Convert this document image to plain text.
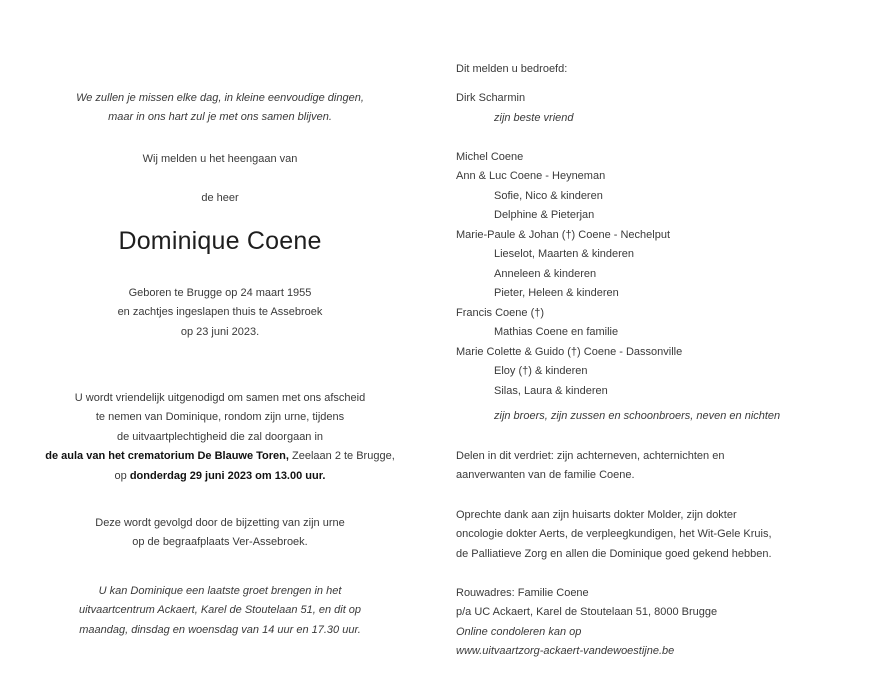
We zullen je missen elke dag, in kleine eenvoudige dingen,
maar in ons hart zul je met ons samen blijven.
Wij melden u het heengaan van
de heer
Dominique Coene
Geboren te Brugge op 24 maart 1955
en zachtjes ingeslapen thuis te Assebroek
op 23 juni 2023.
U wordt vriendelijk uitgenodigd om samen met ons afscheid
te nemen van Dominique, rondom zijn urne, tijdens
de uitvaartplechtigheid die zal doorgaan in
de aula van het crematorium De Blauwe Toren, Zeelaan 2 te Brugge,
op donderdag 29 juni 2023 om 13.00 uur.
Deze wordt gevolgd door de bijzetting van zijn urne
op de begraafplaats Ver-Assebroek.
U kan Dominique een laatste groet brengen in het
uitvaartcentrum Ackaert, Karel de Stoutelaan 51, en dit op
maandag, dinsdag en woensdag van 14 uur en 17.30 uur.
Dit melden u bedroefd:
Dirk Scharmin
zijn beste vriend
Michel Coene
Ann & Luc Coene - Heyneman
Sofie, Nico & kinderen
Delphine & Pieterjan
Marie-Paule & Johan (†) Coene - Nechelput
Lieselot, Maarten & kinderen
Anneleen & kinderen
Pieter, Heleen & kinderen
Francis Coene (†)
Mathias Coene en familie
Marie Colette & Guido (†) Coene - Dassonville
Eloy (†) & kinderen
Silas, Laura & kinderen
zijn broers, zijn zussen en schoonbroers, neven en nichten
Delen in dit verdriet: zijn achterneven, achternichten en
aanverwanten van de familie Coene.
Oprechte dank aan zijn huisarts dokter Molder, zijn dokter
oncologie dokter Aerts, de verpleegkundigen, het Wit-Gele Kruis,
de Palliatieve Zorg en allen die Dominique goed gekend hebben.
Rouwadres: Familie Coene
p/a UC Ackaert, Karel de Stoutelaan 51, 8000 Brugge
Online condoleren kan op
www.uitvaartzorg-ackaert-vandewoestijne.be
